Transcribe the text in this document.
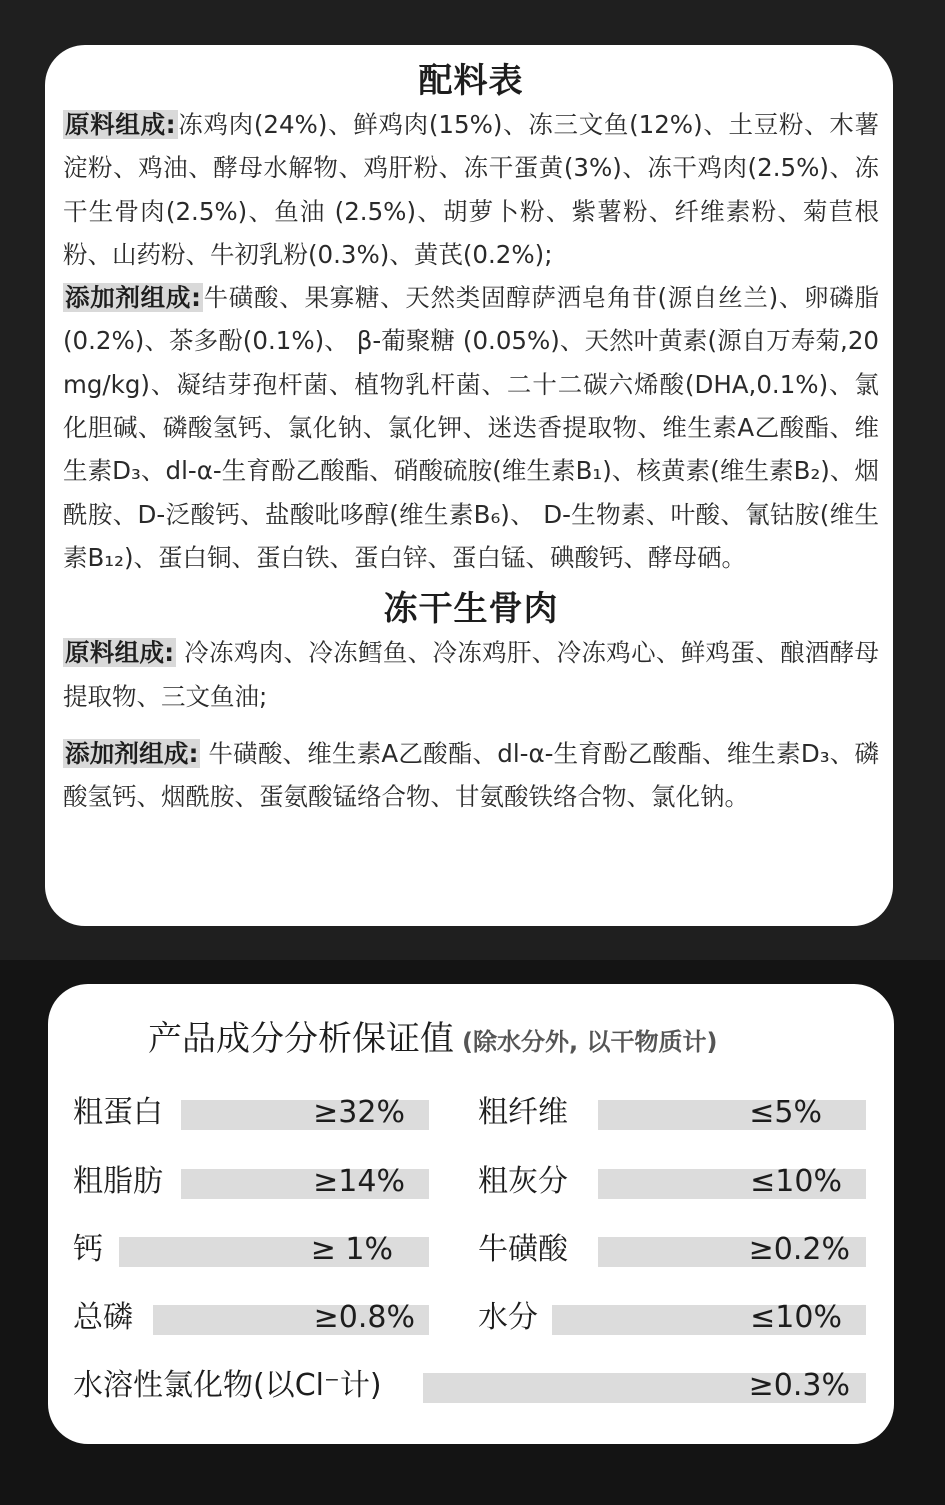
配料表

原料组成:冻鸡肉(24%)、鲜鸡肉(15%)、冻三文鱼(12%)、土豆粉、木薯淀粉、鸡油、酵母水解物、鸡肝粉、冻干蛋黄(3%)、冻干鸡肉(2.5%)、冻干生骨肉(2.5%)、鱼油 (2.5%)、胡萝卜粉、紫薯粉、纤维素粉、菊苣根粉、山药粉、牛初乳粉(0.3%)、黄芪(0.2%);

添加剂组成:牛磺酸、果寡糖、天然类固醇萨洒皂角苷(源自丝兰)、卵磷脂(0.2%)、茶多酚(0.1%)、 β-葡聚糖 (0.05%)、天然叶黄素(源自万寿菊,20mg/kg)、凝结芽孢杆菌、植物乳杆菌、二十二碳六烯酸(DHA,0.1%)、氯化胆碱、磷酸氢钙、氯化钠、氯化钾、迷迭香提取物、维生素A乙酸酯、维生素D₃、dl-α-生育酚乙酸酯、硝酸硫胺(维生素B₁)、核黄素(维生素B₂)、烟酰胺、D-泛酸钙、盐酸吡哆醇(维生素B₆)、 D-生物素、叶酸、氰钴胺(维生素B₁₂)、蛋白铜、蛋白铁、蛋白锌、蛋白锰、碘酸钙、酵母硒。

冻干生骨肉

原料组成: 冷冻鸡肉、冷冻鳕鱼、冷冻鸡肝、冷冻鸡心、鲜鸡蛋、酿酒酵母提取物、三文鱼油;

添加剂组成: 牛磺酸、维生素A乙酸酯、dl-α-生育酚乙酸酯、维生素D₃、磷酸氢钙、烟酰胺、蛋氨酸锰络合物、甘氨酸铁络合物、氯化钠。

产品成分分析保证值 (除水分外, 以干物质计)
粗蛋白	≥32% 粗纤维	≤5%
粗脂肪	≥14% 粗灰分	≤10%
钙	≥ 1%	牛磺酸	≥0.2%
总磷	≥0.8% 水分	≤10%
水溶性氯化物(以Cl⁻计)	≥0.3%
